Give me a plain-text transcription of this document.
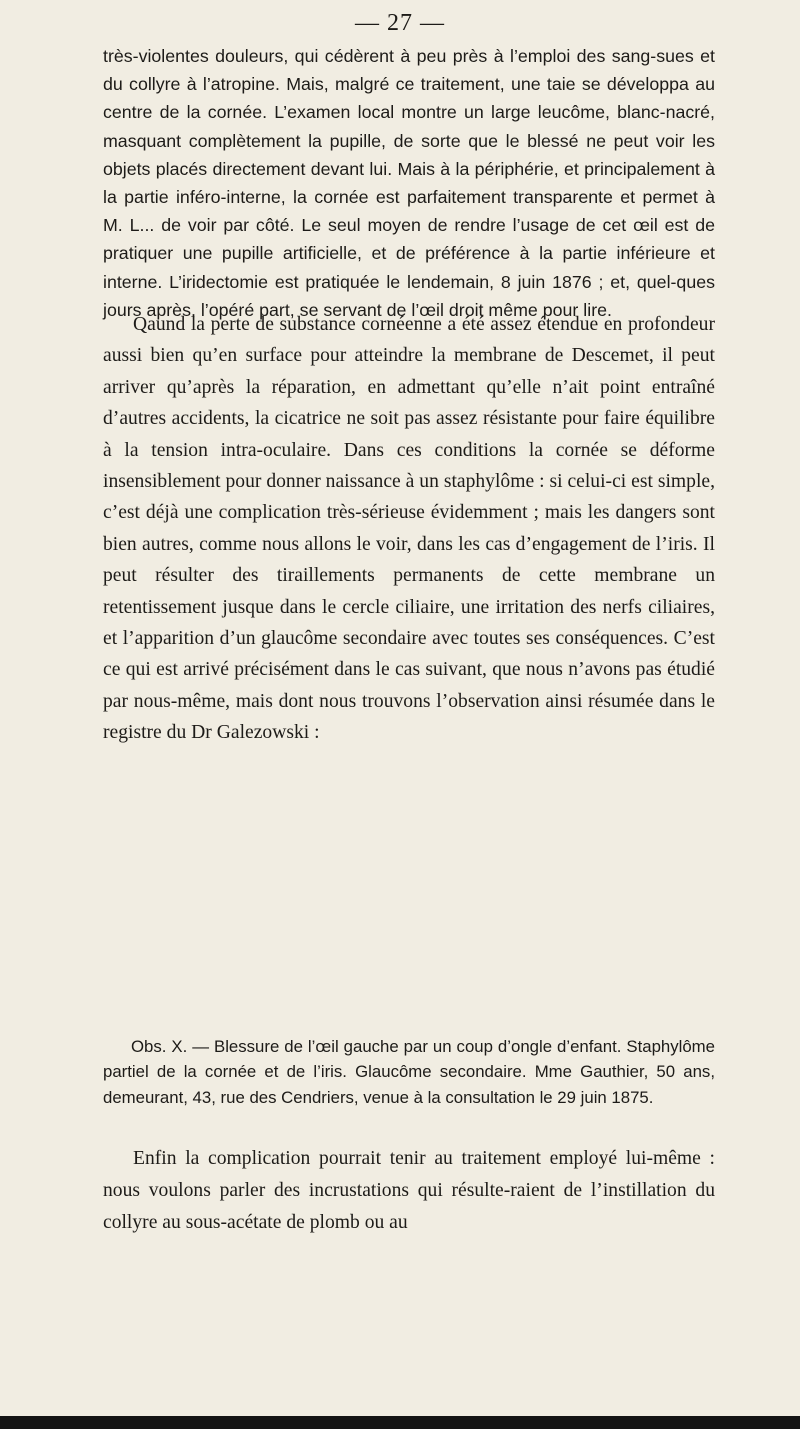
— 27 —
très-violentes douleurs, qui cédèrent à peu près à l’emploi des sang-sues et du collyre à l’atropine. Mais, malgré ce traitement, une taie se développa au centre de la cornée. L’examen local montre un large leucôme, blanc-nacré, masquant complètement la pupille, de sorte que le blessé ne peut voir les objets placés directement devant lui. Mais à la périphérie, et principalement à la partie inféro-interne, la cornée est parfaitement transparente et permet à M. L... de voir par côté. Le seul moyen de rendre l’usage de cet œil est de pratiquer une pupille artificielle, et de préférence à la partie inférieure et interne. L’iridectomie est pratiquée le lendemain, 8 juin 1876 ; et, quel-ques jours après, l’opéré part, se servant de l’œil droit même pour lire.
Qaund la perte de substance cornéenne a été assez étendue en profondeur aussi bien qu’en surface pour atteindre la membrane de Descemet, il peut arriver qu’après la réparation, en admettant qu’elle n’ait point entraîné d’autres accidents, la cicatrice ne soit pas assez résistante pour faire équilibre à la tension intra-oculaire. Dans ces conditions la cornée se déforme insensiblement pour donner naissance à un staphylôme : si celui-ci est simple, c’est déjà une complication très-sérieuse évidemment ; mais les dangers sont bien autres, comme nous allons le voir, dans les cas d’engagement de l’iris. Il peut résulter des tiraillements permanents de cette membrane un retentissement jusque dans le cercle ciliaire, une irritation des nerfs ciliaires, et l’apparition d’un glaucôme secondaire avec toutes ses conséquences. C’est ce qui est arrivé précisément dans le cas suivant, que nous n’avons pas étudié par nous-même, mais dont nous trouvons l’observation ainsi résumée dans le registre du Dr Galezowski :
Obs. X. — Blessure de l’œil gauche par un coup d’ongle d’enfant. Staphylôme partiel de la cornée et de l’iris. Glaucôme secondaire. Mme Gauthier, 50 ans, demeurant, 43, rue des Cendriers, venue à la consultation le 29 juin 1875.
Enfin la complication pourrait tenir au traitement employé lui-même : nous voulons parler des incrustations qui résulte-raient de l’instillation du collyre au sous-acétate de plomb ou au
